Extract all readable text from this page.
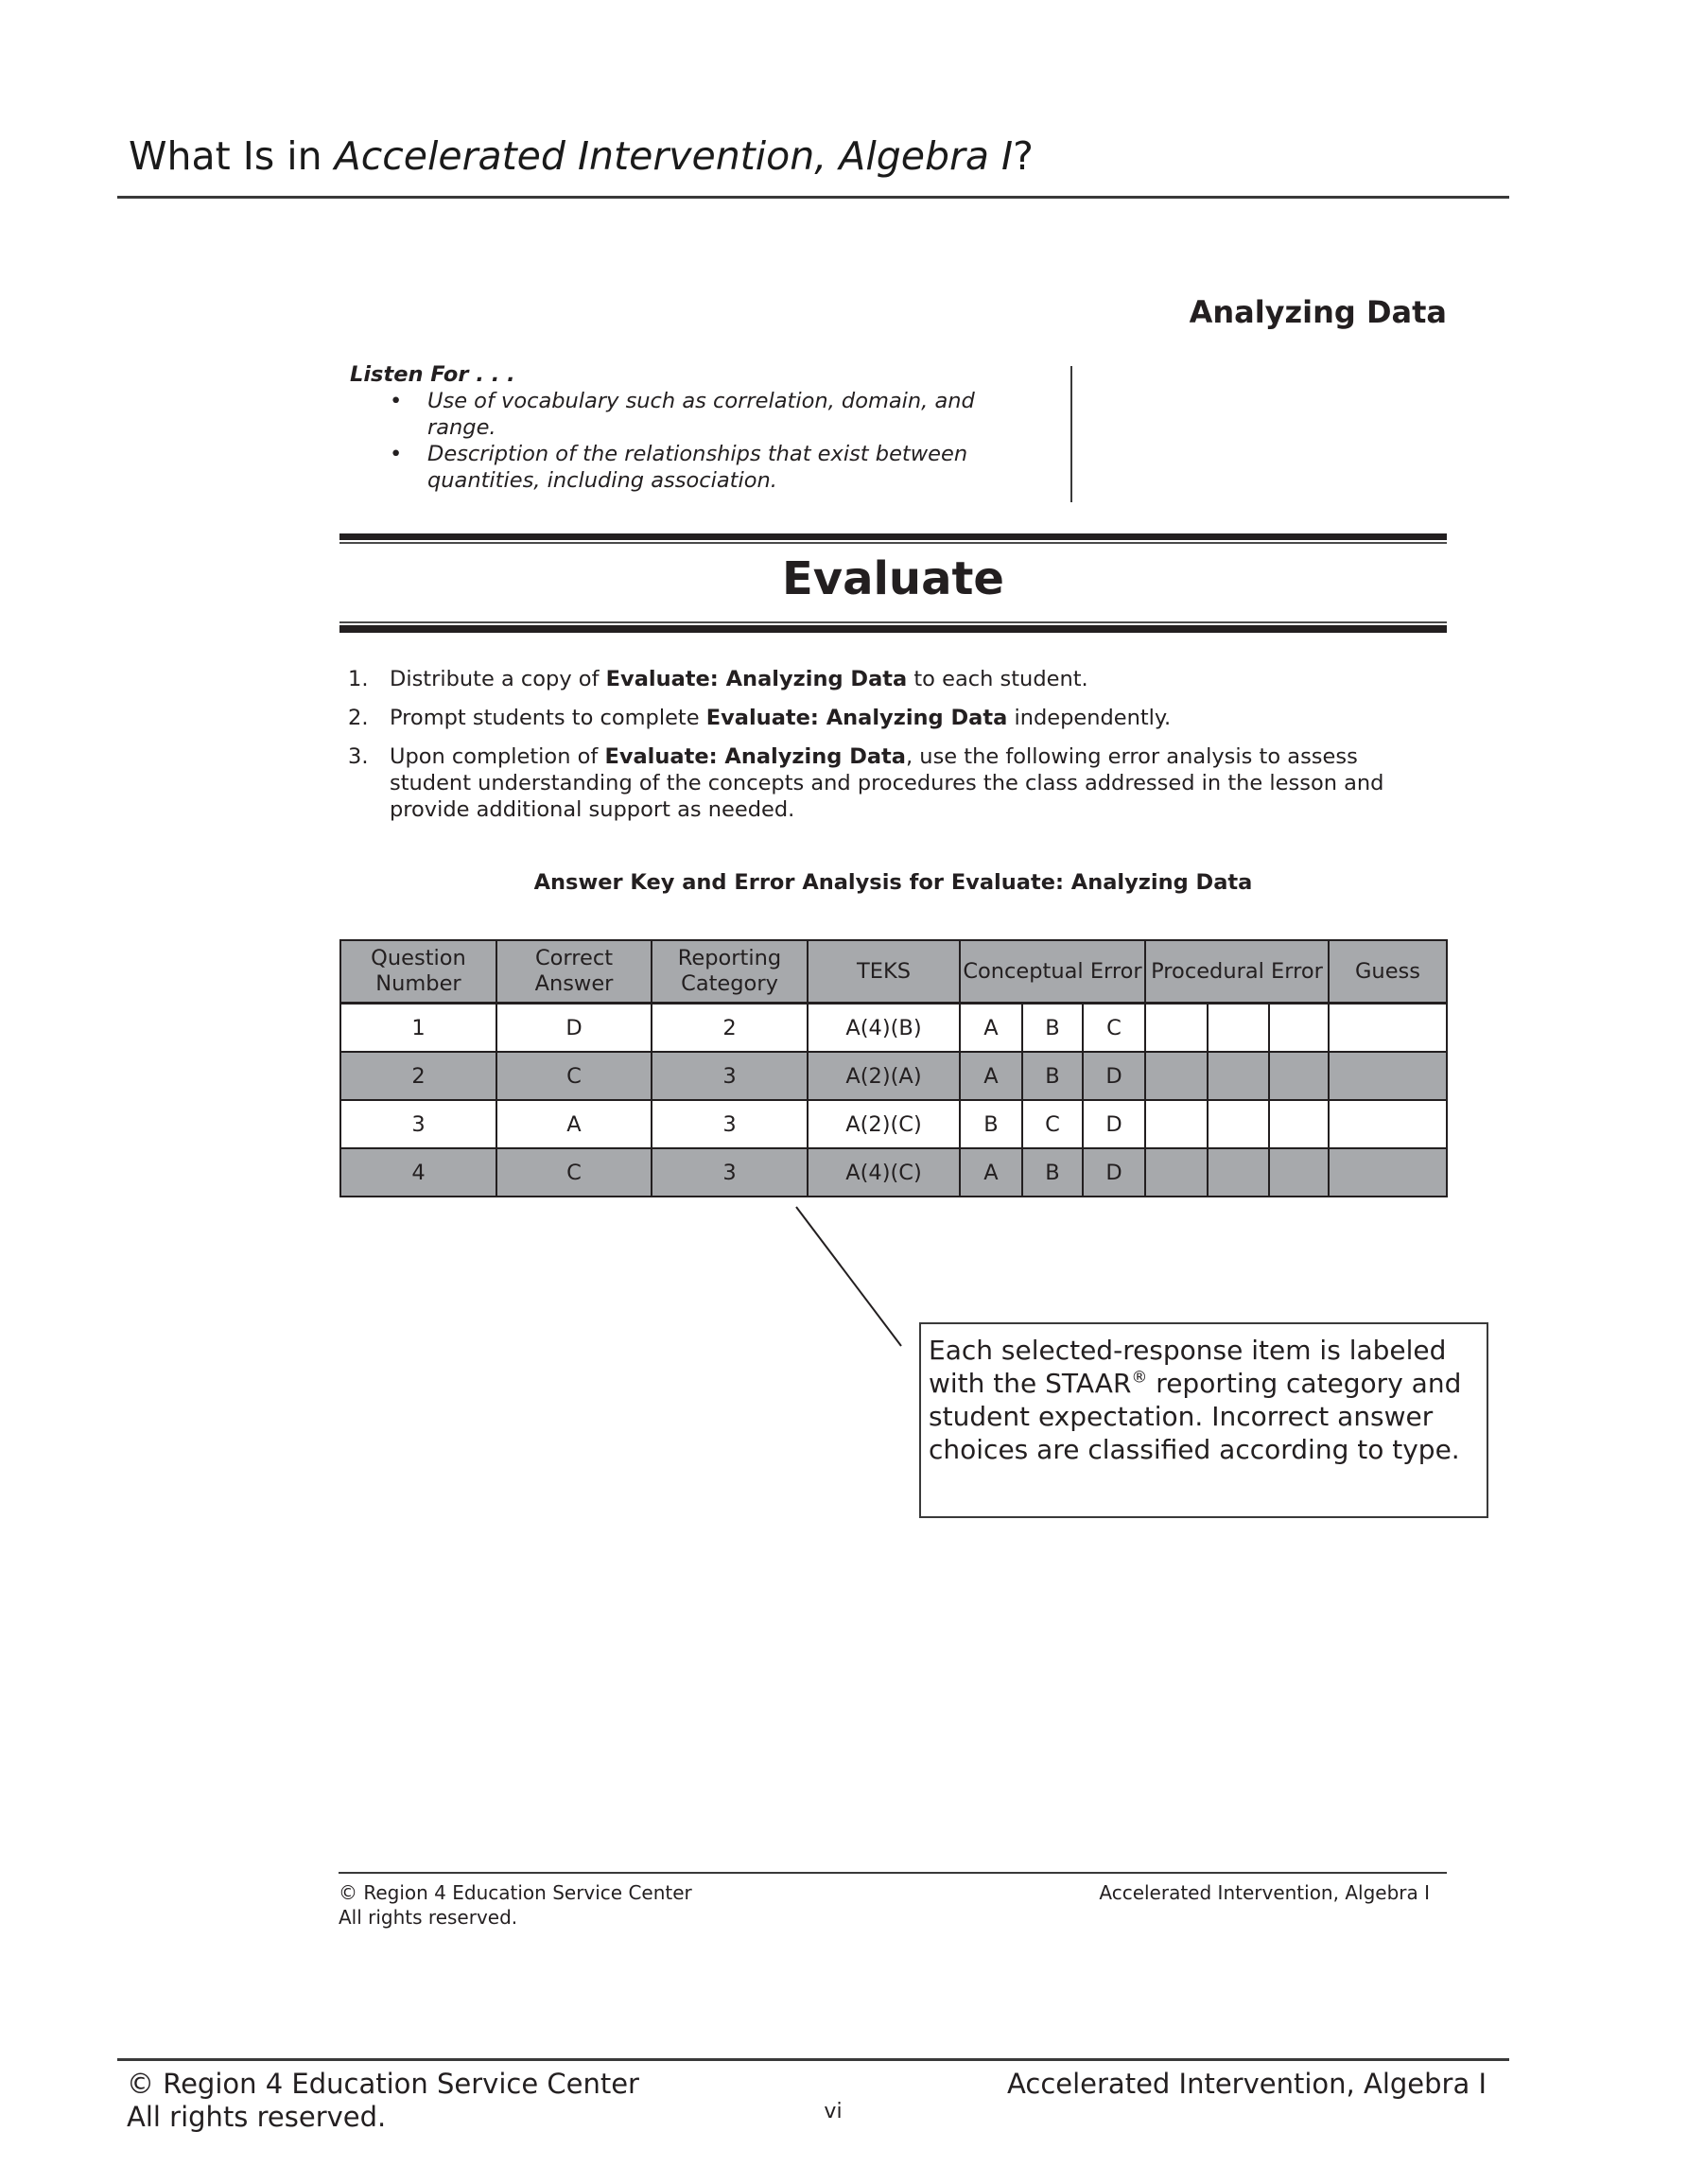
What Is in Accelerated Intervention, Algebra I?
Analyzing Data
Listen For . . .
• Use of vocabulary such as correlation, domain, and range.
• Description of the relationships that exist between quantities, including association.
Evaluate
1.	Distribute a copy of Evaluate: Analyzing Data to each student.
2.	Prompt students to complete Evaluate: Analyzing Data independently.
3.	Upon completion of Evaluate: Analyzing Data, use the following error analysis to assess student understanding of the concepts and procedures the class addressed in the lesson and provide additional support as needed.
Answer Key and Error Analysis for Evaluate: Analyzing Data
Question Number	Correct Answer	Reporting Category	TEKS	Conceptual Error			Procedural Error			Guess
1	D	2	A(4)(B)	A	B	C				
2	C	3	A(2)(A)	A	B	D				
3	A	3	A(2)(C)	B	C	D				
4	C	3	A(4)(C)	A	B	D				
Each selected-response item is labeled with the STAAR® reporting category and student expectation. Incorrect answer choices are classified according to type.
© Region 4 Education Service Center
All rights reserved.
Accelerated Intervention, Algebra I
© Region 4 Education Service Center
All rights reserved.
Accelerated Intervention, Algebra I
vi
